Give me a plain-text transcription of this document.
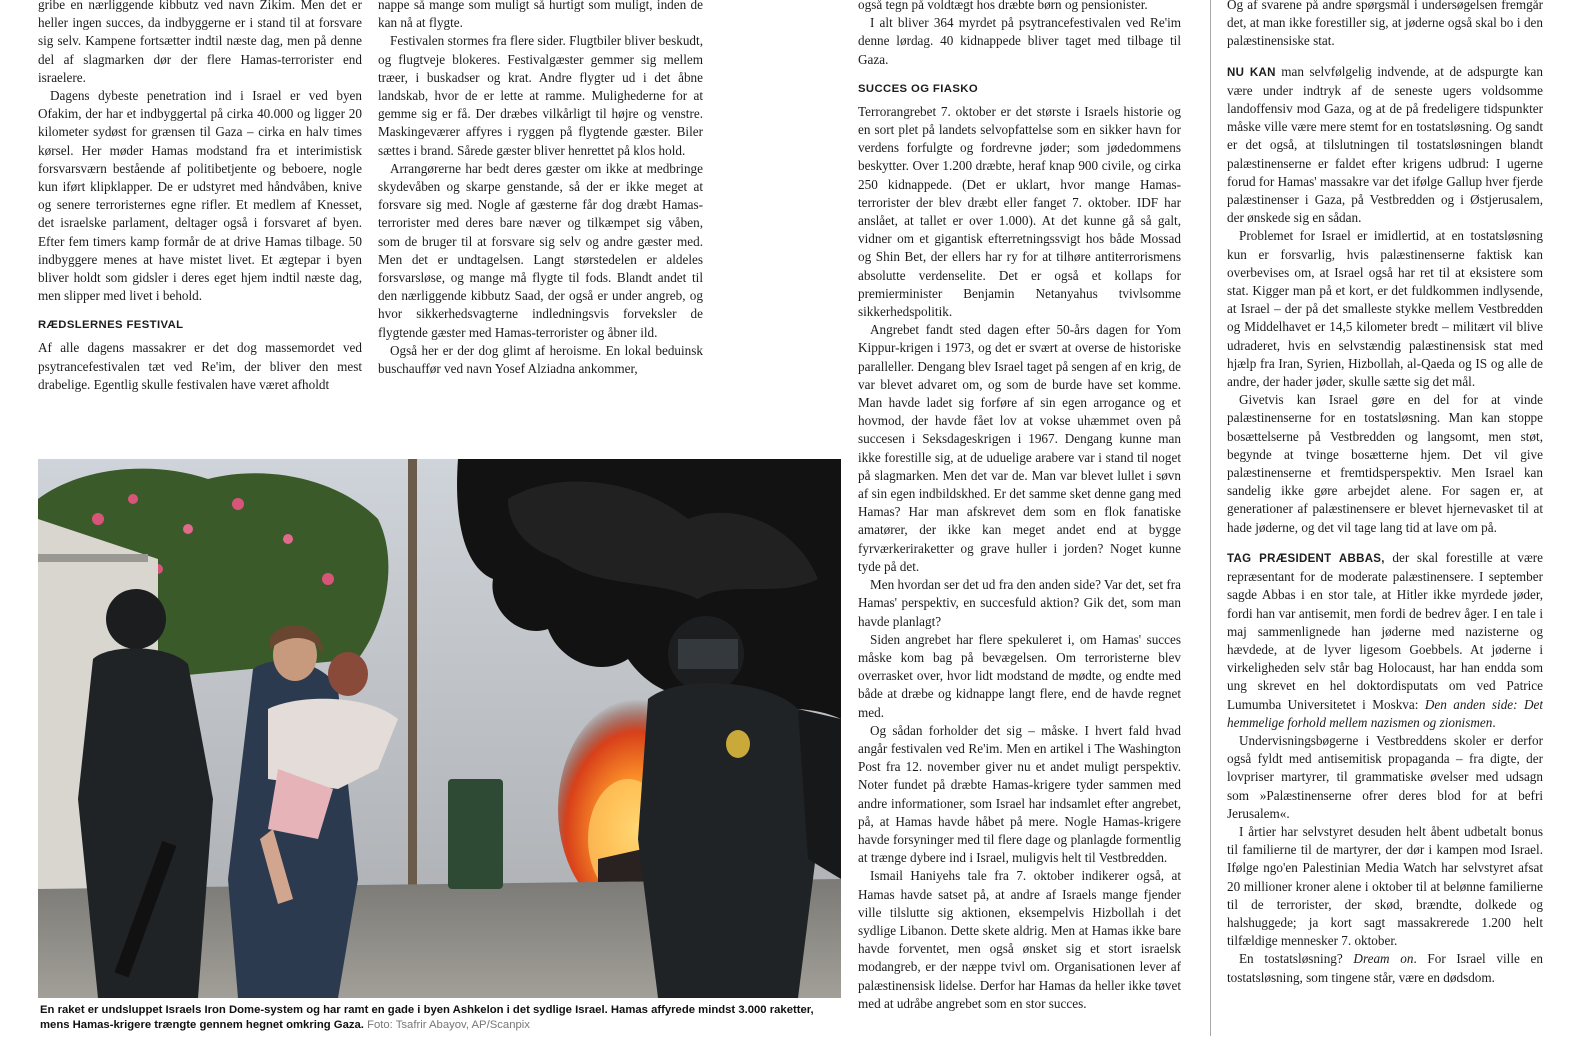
gribe en nærliggende kibbutz ved navn Zikim. Men det er heller ingen succes, da indbyggerne er i stand til at forsvare sig selv. Kampene fortsætter indtil næste dag, men på denne del af slagmarken dør der flere Hamas-terrorister end israelere.

Dagens dybeste penetration ind i Israel er ved byen Ofakim, der har et indbyggertal på cirka 40.000 og ligger 20 kilometer sydøst for grænsen til Gaza – cirka en halv times kørsel. Her møder Hamas modstand fra et interimistisk forsvarsværn bestående af politibetjente og beboere, nogle kun iført klipklapper. De er udstyret med håndvåben, knive og senere terroristernes egne rifler. Et medlem af Knesset, det israelske parlament, deltager også i forsvaret af byen. Efter fem timers kamp formår de at drive Hamas tilbage. 50 indbyggere menes at have mistet livet. Et ægtepar i byen bliver holdt som gidsler i deres eget hjem indtil næste dag, men slipper med livet i behold.

RÆDSLERNES FESTIVAL

Af alle dagens massakrer er det dog massemordet ved psytrancefestivalen tæt ved Re'im, der bliver den mest drabelige. Egentlig skulle festivalen have været afholdt

nappe så mange som muligt så hurtigt som muligt, inden de kan nå at flygte.

Festivalen stormes fra flere sider. Flugtbiler bliver beskudt, og flugtveje blokeres. Festivalgæster gemmer sig mellem træer, i buskadser og krat. Andre flygter ud i det åbne landskab, hvor de er lette at ramme. Mulighederne for at gemme sig er få. Der dræbes vilkårligt til højre og venstre. Maskingeværer affyres i ryggen på flygtende gæster. Biler sættes i brand. Sårede gæster bliver henrettet på klos hold.

Arrangørerne har bedt deres gæster om ikke at medbringe skydevåben og skarpe genstande, så der er ikke meget at forsvare sig med. Nogle af gæsterne får dog dræbt Hamas-terrorister med deres bare næver og tilkæmpet sig våben, som de bruger til at forsvare sig selv og andre gæster med. Men det er undtagelsen. Langt størstedelen er aldeles forsvarsløse, og mange må flygte til fods. Blandt andet til den nærliggende kibbutz Saad, der også er under angreb, og hvor sikkerhedsvagterne indledningsvis forveksler de flygtende gæster med Hamas-terrorister og åbner ild.

Også her er der dog glimt af heroisme. En lokal beduinsk buschauffør ved navn Yosef Alziadna ankommer,

En raket er undsluppet Israels Iron Dome-system og har ramt en gade i byen Ashkelon i det sydlige Israel. Hamas affyrede mindst 3.000 raketter, mens Hamas-krigere trængte gennem hegnet omkring Gaza. Foto: Tsafrir Abayov, AP/Scanpix

også tegn på voldtægt hos dræbte børn og pensionister.

I alt bliver 364 myrdet på psytrancefestivalen ved Re'im denne lørdag. 40 kidnappede bliver taget med tilbage til Gaza.

SUCCES OG FIASKO

Terrorangrebet 7. oktober er det største i Israels historie og en sort plet på landets selvopfattelse som en sikker havn for verdens forfulgte og fordrevne jøder; som jødedommens beskytter. Over 1.200 dræbte, heraf knap 900 civile, og cirka 250 kidnappede. (Det er uklart, hvor mange Hamas-terrorister der blev dræbt eller fanget 7. oktober. IDF har anslået, at tallet er over 1.000). At det kunne gå så galt, vidner om et gigantisk efterretningssvigt hos både Mossad og Shin Bet, der ellers har ry for at tilhøre antiterrorismens absolutte verdenselite. Det er også et kollaps for premierminister Benjamin Netanyahus tvivlsomme sikkerhedspolitik.

Angrebet fandt sted dagen efter 50-års dagen for Yom Kippur-krigen i 1973, og det er svært at overse de historiske paralleller. Dengang blev Israel taget på sengen af en krig, de var blevet advaret om, og som de burde have set komme. Man havde ladet sig forføre af sin egen arrogance og et hovmod, der havde fået lov at vokse uhæmmet oven på succesen i Seksdageskrigen i 1967. Dengang kunne man ikke forestille sig, at de uduelige arabere var i stand til noget på slagmarken. Men det var de. Man var blevet lullet i søvn af sin egen indbildskhed. Er det samme sket denne gang med Hamas? Har man afskrevet dem som en flok fanatiske amatører, der ikke kan meget andet end at bygge fyrværkeriraketter og grave huller i jorden? Noget kunne tyde på det.

Men hvordan ser det ud fra den anden side? Var det, set fra Hamas' perspektiv, en succesfuld aktion? Gik det, som man havde planlagt?

Siden angrebet har flere spekuleret i, om Hamas' succes måske kom bag på bevægelsen. Om terroristerne blev overrasket over, hvor lidt modstand de mødte, og endte med både at dræbe og kidnappe langt flere, end de havde regnet med.

Og sådan forholder det sig – måske. I hvert fald hvad angår festivalen ved Re'im. Men en artikel i The Washington Post fra 12. november giver nu et andet muligt perspektiv. Noter fundet på dræbte Hamas-krigere tyder sammen med andre informationer, som Israel har indsamlet efter angrebet, på, at Hamas havde håbet på mere. Nogle Hamas-krigere havde forsyninger med til flere dage og planlagde formentlig at trænge dybere ind i Israel, muligvis helt til Vestbredden.

Ismail Haniyehs tale fra 7. oktober indikerer også, at Hamas havde satset på, at andre af Israels mange fjender ville tilslutte sig aktionen, eksempelvis Hizbollah i det sydlige Libanon. Dette skete aldrig. Men at Hamas ikke bare havde forventet, men også ønsket sig et stort israelsk modangreb, er der næppe tvivl om. Organisationen lever af palæstinensisk lidelse. Derfor har Hamas da heller ikke tøvet med at udråbe angrebet som en stor succes.

Og af svarene på andre spørgsmål i undersøgelsen fremgår det, at man ikke forestiller sig, at jøderne også skal bo i den palæstinensiske stat.

NU KAN man selvfølgelig indvende, at de adspurgte kan være under indtryk af de seneste ugers voldsomme landoffensiv mod Gaza, og at de på fredeligere tidspunkter måske ville være mere stemt for en tostatsløsning. Og sandt er det også, at tilslutningen til tostatsløsningen blandt palæstinenserne er faldet efter krigens udbrud: I ugerne forud for Hamas' massakre var det ifølge Gallup hver fjerde palæstinenser i Gaza, på Vestbredden og i Østjerusalem, der ønskede sig en sådan.

Problemet for Israel er imidlertid, at en tostatsløsning kun er forsvarlig, hvis palæstinenserne faktisk kan overbevises om, at Israel også har ret til at eksistere som stat. Kigger man på et kort, er det fuldkommen indlysende, at Israel – der på det smalleste stykke mellem Vestbredden og Middelhavet er 14,5 kilometer bredt – militært vil blive udraderet, hvis en selvstændig palæstinensisk stat med hjælp fra Iran, Syrien, Hizbollah, al-Qaeda og IS og alle de andre, der hader jøder, skulle sætte sig det mål.

Givetvis kan Israel gøre en del for at vinde palæstinenserne for en tostatsløsning. Man kan stoppe bosættelserne på Vestbredden og langsomt, men støt, begynde at tvinge bosætterne hjem. Det vil give palæstinenserne et fremtidsperspektiv. Men Israel kan sandelig ikke gøre arbejdet alene. For sagen er, at generationer af palæstinensere er blevet hjernevasket til at hade jøderne, og det vil tage lang tid at lave om på.

TAG PRÆSIDENT ABBAS, der skal forestille at være repræsentant for de moderate palæstinensere. I september sagde Abbas i en stor tale, at Hitler ikke myrdede jøder, fordi han var antisemit, men fordi de bedrev åger. I en tale i maj sammenlignede han jøderne med nazisterne og hævdede, at de lyver ligesom Goebbels. At jøderne i virkeligheden selv står bag Holocaust, har han endda som ung skrevet en hel doktordisputats om ved Patrice Lumumba Universitetet i Moskva: Den anden side: Det hemmelige forhold mellem nazismen og zionismen.

Undervisningsbøgerne i Vestbreddens skoler er derfor også fyldt med antisemitisk propaganda – fra digte, der lovpriser martyrer, til grammatiske øvelser med udsagn som »Palæstinenserne ofrer deres blod for at befri Jerusalem«.

I årtier har selvstyret desuden helt åbent udbetalt bonus til familierne til de martyrer, der dør i kampen mod Israel. Ifølge ngo'en Palestinian Media Watch har selvstyret afsat 20 millioner kroner alene i oktober til at belønne familierne til de terrorister, der skød, brændte, dolkede og halshuggede; ja kort sagt massakrerede 1.200 helt tilfældige mennesker 7. oktober.

En tostatsløsning? Dream on. For Israel ville en tostatsløsning, som tingene står, være en dødsdom.
